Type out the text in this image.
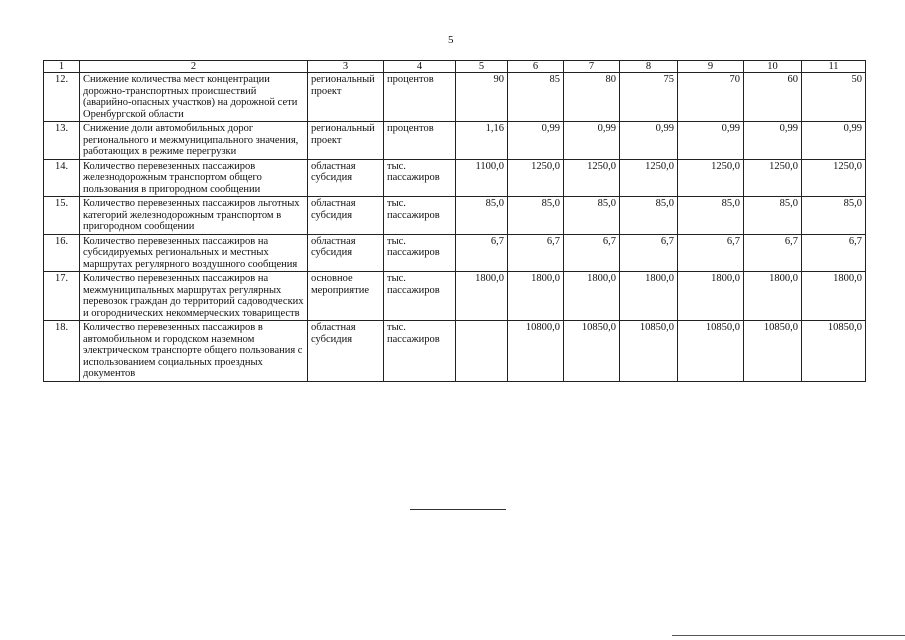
5
1	2	3	4	5	6	7	8	9	10	11
12.	Снижение количества мест концентрации дорожно-транспортных происшествий (аварийно-опасных участков) на дорожной сети Оренбургской области	региональный проект	процентов	90	85	80	75	70	60	50
13.	Снижение доли автомобильных дорог регионального и межмуниципального значения, работающих в режиме перегрузки	региональный проект	процентов	1,16	0,99	0,99	0,99	0,99	0,99	0,99
14.	Количество перевезенных пассажиров железнодорожным транспортом общего пользования в пригородном сообщении	областная субсидия	тыс. пассажиров	1100,0	1250,0	1250,0	1250,0	1250,0	1250,0	1250,0
15.	Количество перевезенных пассажиров льготных категорий железнодорожным транспортом в пригородном сообщении	областная субсидия	тыс. пассажиров	85,0	85,0	85,0	85,0	85,0	85,0	85,0
16.	Количество перевезенных пассажиров на субсидируемых региональных и местных маршрутах регулярного воздушного сообщения	областная субсидия	тыс. пассажиров	6,7	6,7	6,7	6,7	6,7	6,7	6,7
17.	Количество перевезенных пассажиров на межмуниципальных маршрутах регулярных перевозок граждан до территорий садоводческих и огороднических некоммерческих товариществ	основное мероприятие	тыс. пассажиров	1800,0	1800,0	1800,0	1800,0	1800,0	1800,0	1800,0
18.	Количество перевезенных пассажиров в автомобильном и городском наземном электрическом транспорте общего пользования с использованием социальных проездных документов	областная субсидия	тыс. пассажиров		10800,0	10850,0	10850,0	10850,0	10850,0	10850,0
